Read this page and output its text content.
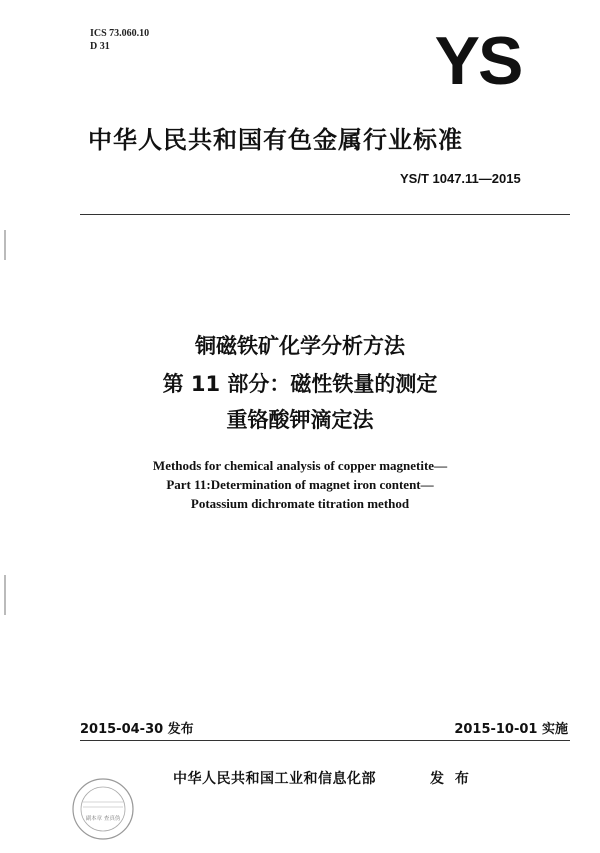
ICS 73.060.10
D 31	YS
中华人民共和国有色金属行业标准
YS/T 1047.11—2015
铜磁铁矿化学分析方法
第 11 部分：磁性铁量的测定
重铬酸钾滴定法
Methods for chemical analysis of copper magnetite—
Part 11:Determination of magnet iron content—
Potassium dichromate titration method
2015-04-30 发布	2015-10-01 实施
中华人民共和国工业和信息化部	发 布
副本章 查真伪
